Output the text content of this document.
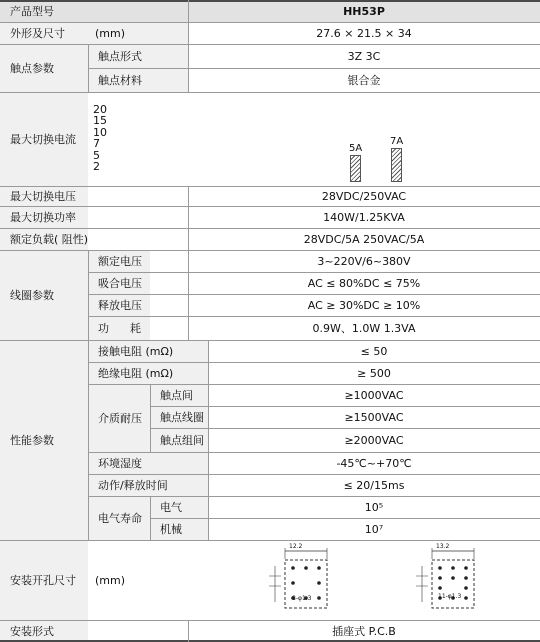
产品型号	HH53P
外形及尺寸	(mm)	27.6 × 21.5 × 34
触点参数
触点形式	3Z 3C
触点材料	银合金
最大切换电流
20
15
10
7
5
2
5A
7A
最大切换电压	28VDC/250VAC
最大切换功率	140W/1.25KVA
额定负载( 阻性)	28VDC/5A 250VAC/5A
线圈参数
额定电压	3~220V/6~380V
吸合电压	AC ≤ 80%DC ≤ 75%
释放电压	AC ≥ 30%DC ≥ 10%
功      耗	0.9W、1.0W 1.3VA
性能参数
接触电阻 (mΩ)	≤ 50
绝缘电阻 (mΩ)	≥ 500
介质耐压
触点间	≥1000VAC
触点线圈	≥1500VAC
触点组间	≥2000VAC
环境湿度	-45℃~+70℃
动作/释放时间	≤ 20/15ms
电气寿命
电气	10⁵
机械	10⁷
安装开孔尺寸	(mm)
12.2
8-φ1.3
13.2
11-φ1.3
安装形式	插座式 P.C.B
